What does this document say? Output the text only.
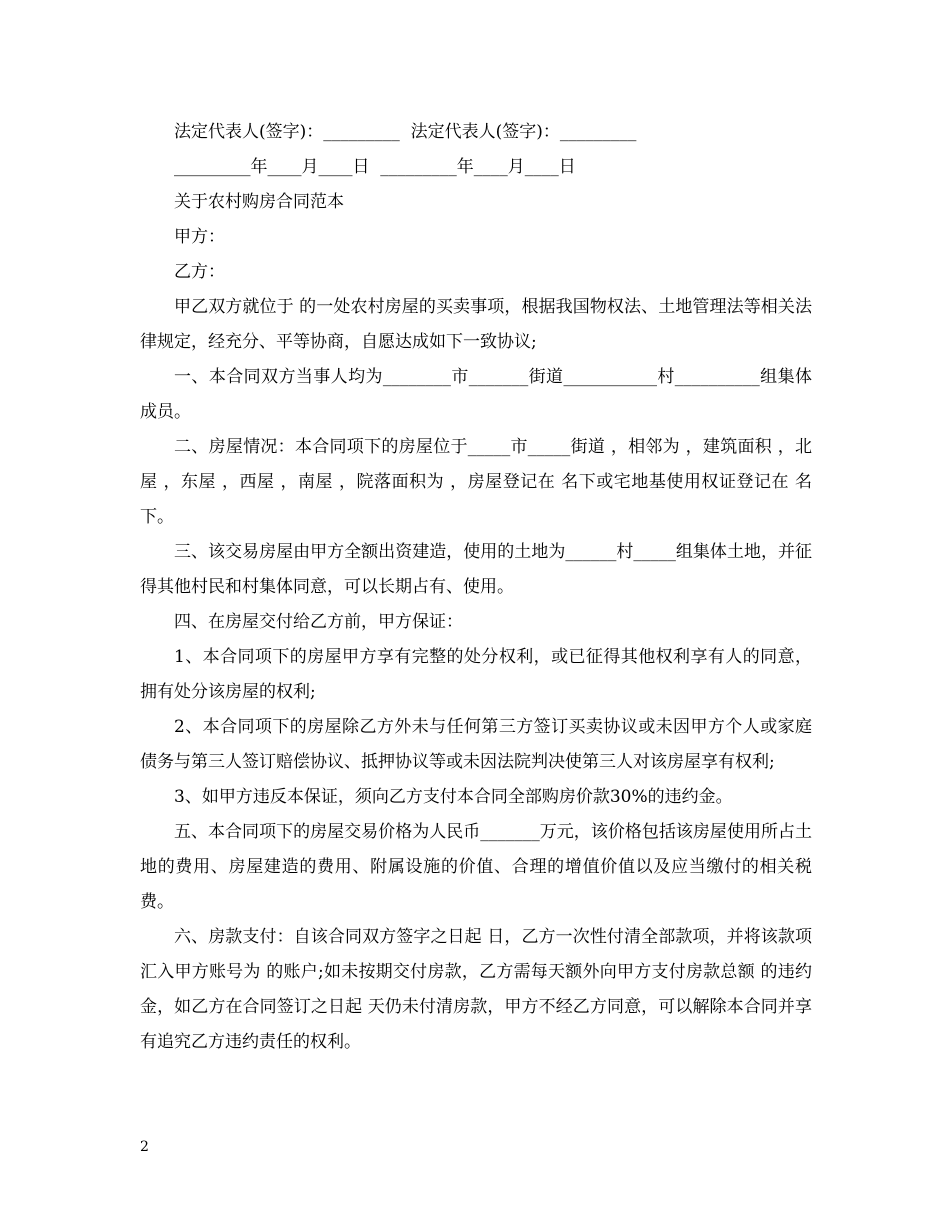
法定代表人(签字)：_________  法定代表人(签字)：_________

_________年____月____日  _________年____月____日

关于农村购房合同范本

甲方：

乙方：

甲乙双方就位于 的一处农村房屋的买卖事项，根据我国物权法、土地管理法等相关法律规定，经充分、平等协商，自愿达成如下一致协议;

一、本合同双方当事人均为________市_______街道___________村__________组集体成员。

二、房屋情况：本合同项下的房屋位于_____市_____街道 ，相邻为 ，建筑面积 ，北屋 ，东屋 ，西屋 ，南屋 ，院落面积为 ，房屋登记在 名下或宅地基使用权证登记在 名下。

三、该交易房屋由甲方全额出资建造，使用的土地为______村_____组集体土地，并征得其他村民和村集体同意，可以长期占有、使用。

四、在房屋交付给乙方前，甲方保证：

1、本合同项下的房屋甲方享有完整的处分权利，或已征得其他权利享有人的同意，拥有处分该房屋的权利;

2、本合同项下的房屋除乙方外未与任何第三方签订买卖协议或未因甲方个人或家庭债务与第三人签订赔偿协议、抵押协议等或未因法院判决使第三人对该房屋享有权利;

3、如甲方违反本保证，须向乙方支付本合同全部购房价款30%的违约金。

五、本合同项下的房屋交易价格为人民币_______万元，该价格包括该房屋使用所占土地的费用、房屋建造的费用、附属设施的价值、合理的增值价值以及应当缴付的相关税费。

六、房款支付：自该合同双方签字之日起 日，乙方一次性付清全部款项，并将该款项汇入甲方账号为 的账户;如未按期交付房款，乙方需每天额外向甲方支付房款总额 的违约金，如乙方在合同签订之日起 天仍未付清房款，甲方不经乙方同意，可以解除本合同并享有追究乙方违约责任的权利。

2
